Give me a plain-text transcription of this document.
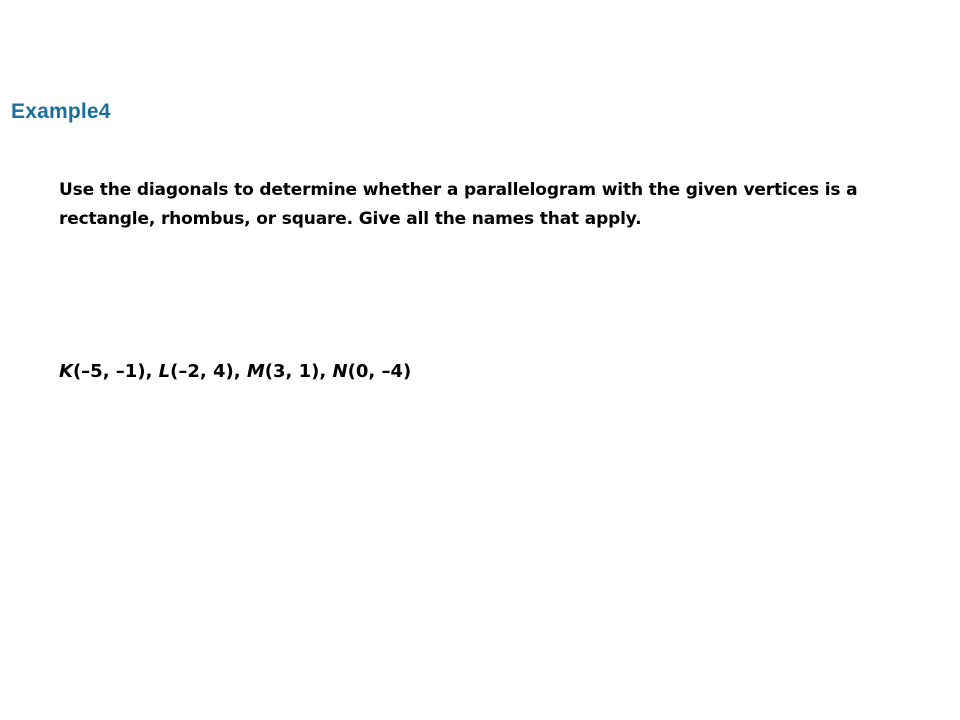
Example4

Use the diagonals to determine whether a parallelogram with the given vertices is a rectangle, rhombus, or square. Give all the names that apply.

K(–5, –1), L(–2, 4), M(3, 1), N(0, –4)
